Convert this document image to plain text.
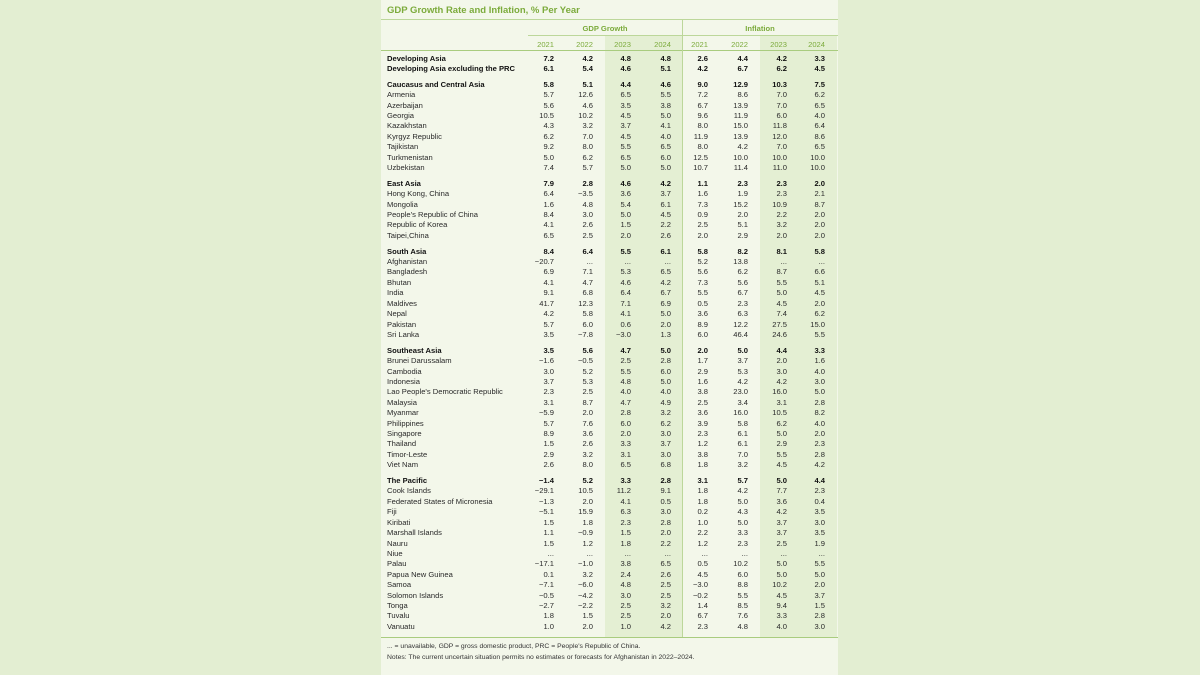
GDP Growth Rate and Inflation, % Per Year
GDP Growth	Inflation
2021	2022	2023	2024	2021	2022	2023	2024
Developing Asia	7.2	4.2	4.8	4.8	2.6	4.4	4.2	3.3
Developing Asia excluding the PRC	6.1	5.4	4.6	5.1	4.2	6.7	6.2	4.5
Caucasus and Central Asia	5.8	5.1	4.4	4.6	9.0	12.9	10.3	7.5
Armenia	5.7	12.6	6.5	5.5	7.2	8.6	7.0	6.2
Azerbaijan	5.6	4.6	3.5	3.8	6.7	13.9	7.0	6.5
Georgia	10.5	10.2	4.5	5.0	9.6	11.9	6.0	4.0
Kazakhstan	4.3	3.2	3.7	4.1	8.0	15.0	11.8	6.4
Kyrgyz Republic	6.2	7.0	4.5	4.0	11.9	13.9	12.0	8.6
Tajikistan	9.2	8.0	5.5	6.5	8.0	4.2	7.0	6.5
Turkmenistan	5.0	6.2	6.5	6.0	12.5	10.0	10.0	10.0
Uzbekistan	7.4	5.7	5.0	5.0	10.7	11.4	11.0	10.0
East Asia	7.9	2.8	4.6	4.2	1.1	2.3	2.3	2.0
Hong Kong, China	6.4	−3.5	3.6	3.7	1.6	1.9	2.3	2.1
Mongolia	1.6	4.8	5.4	6.1	7.3	15.2	10.9	8.7
People's Republic of China	8.4	3.0	5.0	4.5	0.9	2.0	2.2	2.0
Republic of Korea	4.1	2.6	1.5	2.2	2.5	5.1	3.2	2.0
Taipei,China	6.5	2.5	2.0	2.6	2.0	2.9	2.0	2.0
South Asia	8.4	6.4	5.5	6.1	5.8	8.2	8.1	5.8
Afghanistan	−20.7	...	...	...	5.2	13.8	...	...
Bangladesh	6.9	7.1	5.3	6.5	5.6	6.2	8.7	6.6
Bhutan	4.1	4.7	4.6	4.2	7.3	5.6	5.5	5.1
India	9.1	6.8	6.4	6.7	5.5	6.7	5.0	4.5
Maldives	41.7	12.3	7.1	6.9	0.5	2.3	4.5	2.0
Nepal	4.2	5.8	4.1	5.0	3.6	6.3	7.4	6.2
Pakistan	5.7	6.0	0.6	2.0	8.9	12.2	27.5	15.0
Sri Lanka	3.5	−7.8	−3.0	1.3	6.0	46.4	24.6	5.5
Southeast Asia	3.5	5.6	4.7	5.0	2.0	5.0	4.4	3.3
Brunei Darussalam	−1.6	−0.5	2.5	2.8	1.7	3.7	2.0	1.6
Cambodia	3.0	5.2	5.5	6.0	2.9	5.3	3.0	4.0
Indonesia	3.7	5.3	4.8	5.0	1.6	4.2	4.2	3.0
Lao People's Democratic Republic	2.3	2.5	4.0	4.0	3.8	23.0	16.0	5.0
Malaysia	3.1	8.7	4.7	4.9	2.5	3.4	3.1	2.8
Myanmar	−5.9	2.0	2.8	3.2	3.6	16.0	10.5	8.2
Philippines	5.7	7.6	6.0	6.2	3.9	5.8	6.2	4.0
Singapore	8.9	3.6	2.0	3.0	2.3	6.1	5.0	2.0
Thailand	1.5	2.6	3.3	3.7	1.2	6.1	2.9	2.3
Timor-Leste	2.9	3.2	3.1	3.0	3.8	7.0	5.5	2.8
Viet Nam	2.6	8.0	6.5	6.8	1.8	3.2	4.5	4.2
The Pacific	−1.4	5.2	3.3	2.8	3.1	5.7	5.0	4.4
Cook Islands	−29.1	10.5	11.2	9.1	1.8	4.2	7.7	2.3
Federated States of Micronesia	−1.3	2.0	4.1	0.5	1.8	5.0	3.6	0.4
Fiji	−5.1	15.9	6.3	3.0	0.2	4.3	4.2	3.5
Kiribati	1.5	1.8	2.3	2.8	1.0	5.0	3.7	3.0
Marshall Islands	1.1	−0.9	1.5	2.0	2.2	3.3	3.7	3.5
Nauru	1.5	1.2	1.8	2.2	1.2	2.3	2.5	1.9
Niue	...	...	...	...	...	...	...	...
Palau	−17.1	−1.0	3.8	6.5	0.5	10.2	5.0	5.5
Papua New Guinea	0.1	3.2	2.4	2.6	4.5	6.0	5.0	5.0
Samoa	−7.1	−6.0	4.8	2.5	−3.0	8.8	10.2	2.0
Solomon Islands	−0.5	−4.2	3.0	2.5	−0.2	5.5	4.5	3.7
Tonga	−2.7	−2.2	2.5	3.2	1.4	8.5	9.4	1.5
Tuvalu	1.8	1.5	2.5	2.0	6.7	7.6	3.3	2.8
Vanuatu	1.0	2.0	1.0	4.2	2.3	4.8	4.0	3.0
... = unavailable, GDP = gross domestic product, PRC = People's Republic of China.
Notes: The current uncertain situation permits no estimates or forecasts for Afghanistan in 2022–2024.
